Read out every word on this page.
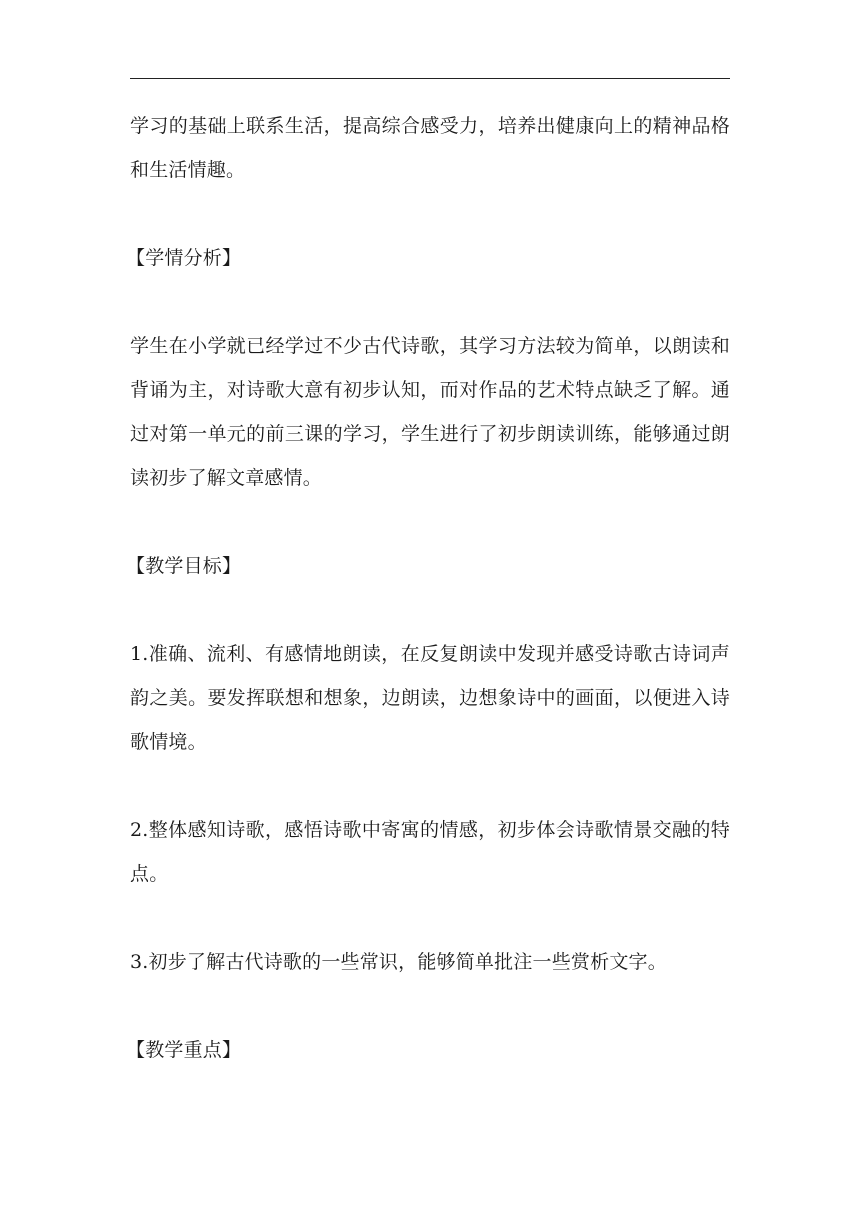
学习的基础上联系生活，提高综合感受力，培养出健康向上的精神品格和生活情趣。

【学情分析】

学生在小学就已经学过不少古代诗歌，其学习方法较为简单，以朗读和背诵为主，对诗歌大意有初步认知，而对作品的艺术特点缺乏了解。通过对第一单元的前三课的学习，学生进行了初步朗读训练，能够通过朗读初步了解文章感情。

【教学目标】

1.准确、流利、有感情地朗读，在反复朗读中发现并感受诗歌古诗词声韵之美。要发挥联想和想象，边朗读，边想象诗中的画面，以便进入诗歌情境。

2.整体感知诗歌，感悟诗歌中寄寓的情感，初步体会诗歌情景交融的特点。

3.初步了解古代诗歌的一些常识，能够简单批注一些赏析文字。

【教学重点】
